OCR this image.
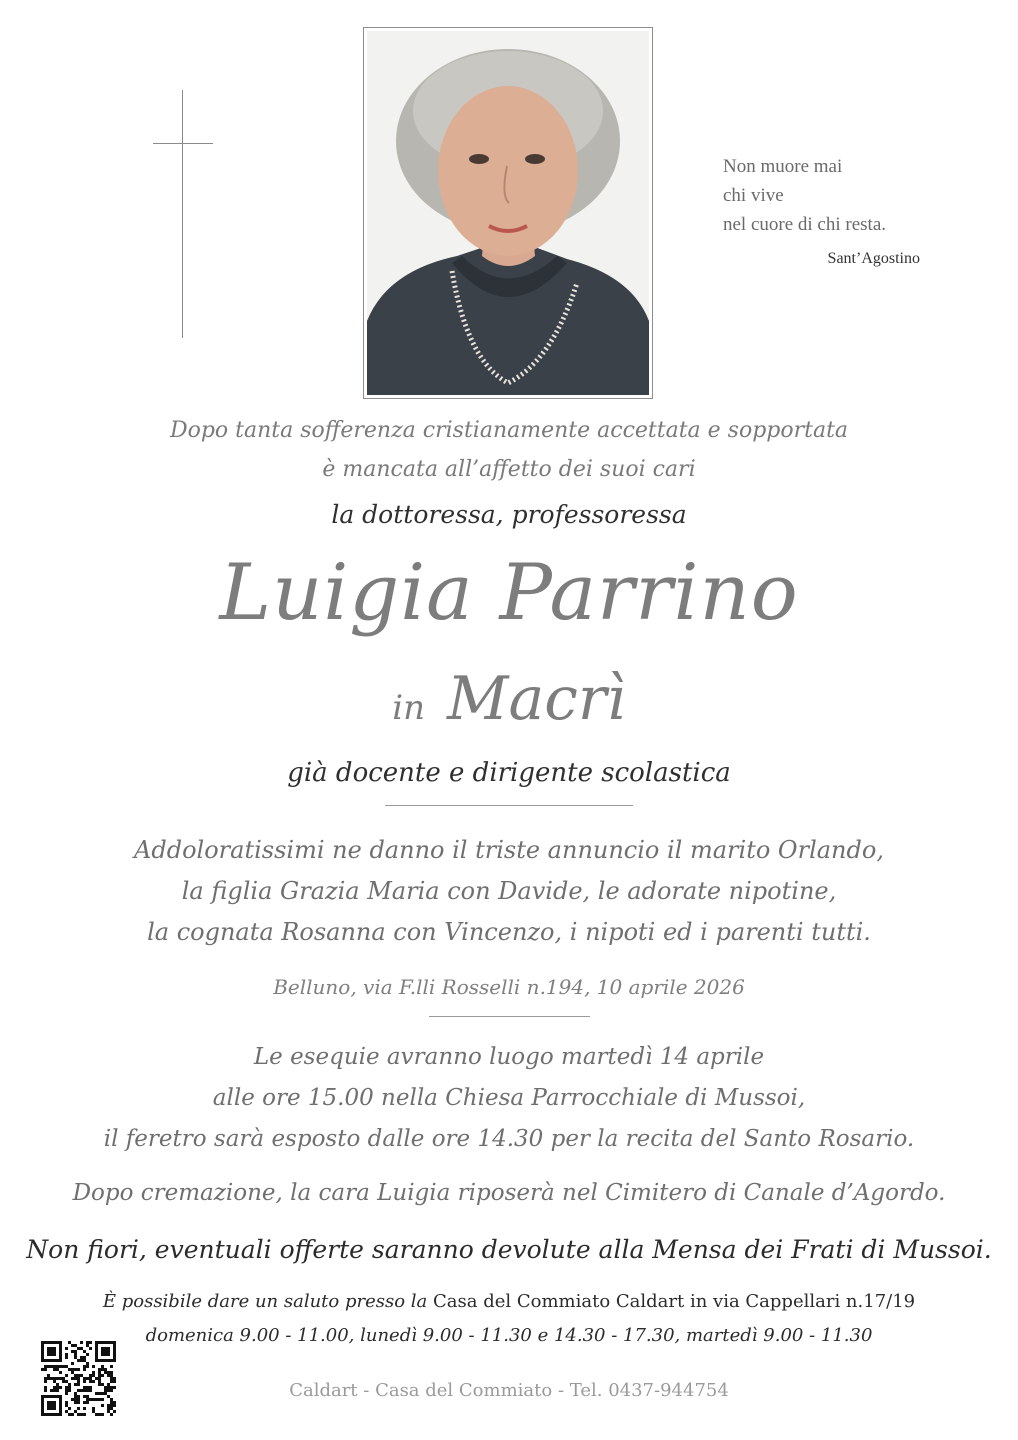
Non muore mai
chi vive
nel cuore di chi resta.
Sant’Agostino
Dopo tanta sofferenza cristianamente accettata e sopportata
è mancata all’affetto dei suoi cari
la dottoressa, professoressa
Luigia Parrino
in Macrì
già docente e dirigente scolastica
Addoloratissimi ne danno il triste annuncio il marito Orlando,
la figlia Grazia Maria con Davide, le adorate nipotine,
la cognata Rosanna con Vincenzo, i nipoti ed i parenti tutti.
Belluno, via F.lli Rosselli n.194, 10 aprile 2026
Le esequie avranno luogo martedì 14 aprile
alle ore 15.00 nella Chiesa Parrocchiale di Mussoi,
il feretro sarà esposto dalle ore 14.30 per la recita del Santo Rosario.
Dopo cremazione, la cara Luigia riposerà nel Cimitero di Canale d’Agordo.
Non fiori, eventuali offerte saranno devolute alla Mensa dei Frati di Mussoi.
È possibile dare un saluto presso la Casa del Commiato Caldart in via Cappellari n.17/19
domenica 9.00 - 11.00, lunedì 9.00 - 11.30 e 14.30 - 17.30, martedì 9.00 - 11.30
Caldart - Casa del Commiato - Tel. 0437-944754
